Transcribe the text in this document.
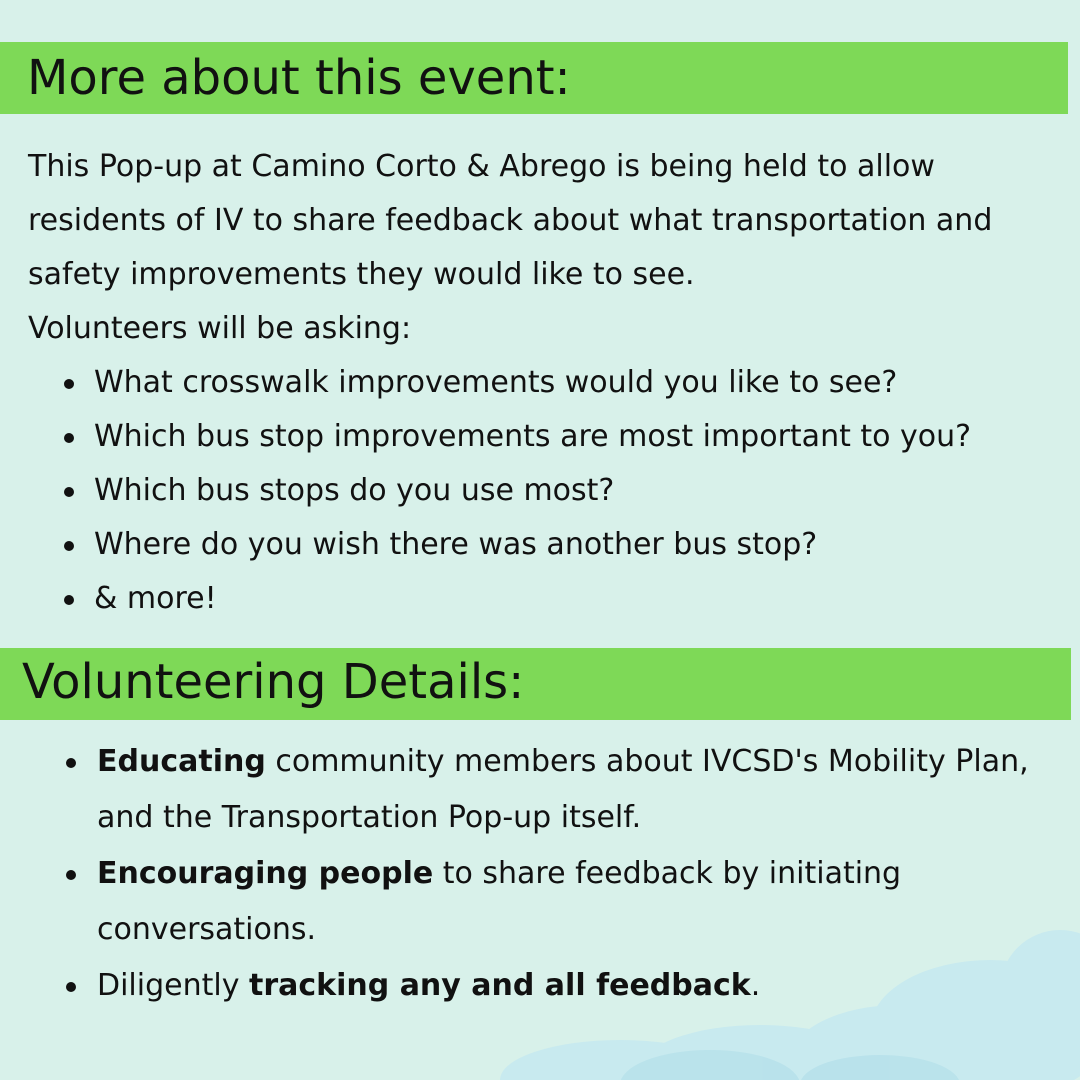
More about this event:

This Pop-up at Camino Corto & Abrego is being held to allow residents of IV to share feedback about what transportation and safety improvements they would like to see.

Volunteers will be asking:

What crosswalk improvements would you like to see?
Which bus stop improvements are most important to you?
Which bus stops do you use most?
Where do you wish there was another bus stop?
& more!
Volunteering Details:
Educating community members about IVCSD's Mobility Plan, and the Transportation Pop-up itself.
Encouraging people to share feedback by initiating conversations.
Diligently tracking any and all feedback.
